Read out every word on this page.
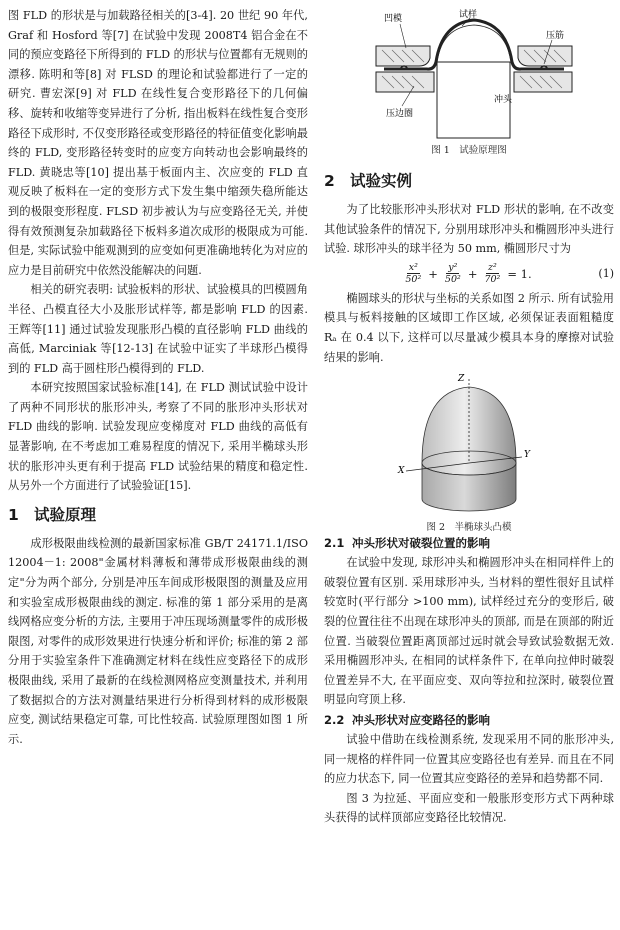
图 FLD 的形状是与加载路径相关的[3-4]. 20 世纪 90 年代, Graf 和 Hosford 等[7] 在试验中发现 2008T4 铝合金在不同的预应变路径下所得到的 FLD 的形状与位置都有无规则的漂移. 陈明和等[8] 对 FLSD 的理论和试验都进行了一定的研究. 曹宏深[9] 对 FLD 在线性复合变形路径下的几何偏移、旋转和收缩等变异进行了分析, 指出板料在线性复合变形路径下成形时, 不仅变形路径或变形路径的特征值变化影响最终的 FLD, 变形路径转变时的应变方向转动也会影响最终的 FLD. 黄晓忠等[10] 提出基于板面内主、次应变的 FLD 直观反映了板料在一定的变形方式下发生集中缩颈失稳所能达到的极限变形程度. FLSD 初步被认为与应变路径无关, 并使得有效预测复杂加载路径下板料多道次成形的极限成为可能. 但是, 实际试验中能观测到的应变如何更准确地转化为对应的应力是目前研究中依然没能解决的问题.

相关的研究表明: 试验板料的形状、试验模具的凹模圆角半径、凸模直径大小及胀形试样等, 都是影响 FLD 的因素. 王辉等[11] 通过试验发现胀形凸模的直径影响 FLD 曲线的高低, Marciniak 等[12-13] 在试验中证实了半球形凸模得到的 FLD 高于圆柱形凸模得到的 FLD.

本研究按照国家试验标准[14], 在 FLD 测试试验中设计了两种不同形状的胀形冲头, 考察了不同的胀形冲头形状对 FLD 曲线的影响. 试验发现应变梯度对 FLD 曲线的高低有显著影响, 在不考虑加工难易程度的情况下, 采用半椭球头形状的胀形冲头更有利于提高 FLD 试验结果的精度和稳定性. 从另外一个方面进行了试验验证[15].

1 试验原理

成形极限曲线检测的最新国家标准 GB/T 24171.1/ISO 12004－1: 2008"金属材料薄板和薄带成形极限曲线的测定"分为两个部分, 分别是冲压车间成形极限图的测量及应用和实验室成形极限曲线的测定. 标准的第 1 部分采用的是离线网格应变分析的方法, 主要用于冲压现场测量零件的成形极限图, 对零件的成形效果进行快速分析和评价; 标准的第 2 部分用于实验室条件下准确测定材料在线性应变路径下的成形极限曲线, 采用了最新的在线检测网格应变测量技术, 并利用了数据拟合的方法对测量结果进行分析得到材料的成形极限应变, 测试结果稳定可靠, 可比性较高. 试验原理图如图 1 所示.

试样
凹模
压筋
冲头
压边圈
图 1　试验原理图
2 试验实例

为了比较胀形冲头形状对 FLD 形状的影响, 在不改变其他试验条件的情况下, 分别用球形冲头和椭圆形冲头进行试验. 球形冲头的球半径为 50 mm, 椭圆形尺寸为

$\frac{\text{x²}}{\text{50²}} + \frac{\text{y²}}{\text{50²}} + \frac{\text{z²}}{\text{70²}} = 1$.	(1)

椭圆球头的形状与坐标的关系如图 2 所示. 所有试验用模具与板料接触的区域即工作区域, 必须保证表面粗糙度 Rₐ 在 0.4 以下, 这样可以尽量减少模具本身的摩擦对试验结果的影响.

Z
X
Y
图 2　半椭球头凸模
2.1 冲头形状对破裂位置的影响

在试验中发现, 球形冲头和椭圆形冲头在相同样件上的破裂位置有区别. 采用球形冲头, 当材料的塑性很好且试样较宽时(平行部分 >100 mm), 试样经过充分的变形后, 破裂的位置往往不出现在球形冲头的顶部, 而是在顶部的附近位置. 当破裂位置距离顶部过远时就会导致试验数据无效. 采用椭圆形冲头, 在相同的试样条件下, 在单向拉伸时破裂位置差异不大, 在平面应变、双向等拉和拉深时, 破裂位置明显向穹顶上移.

2.2 冲头形状对应变路径的影响

试验中借助在线检测系统, 发现采用不同的胀形冲头, 同一规格的样件同一位置其应变路径也有差异. 而且在不同的应力状态下, 同一位置其应变路径的差异和趋势都不同.

图 3 为拉延、平面应变和一般胀形变形方式下两种球头获得的试样顶部应变路径比较情况.
